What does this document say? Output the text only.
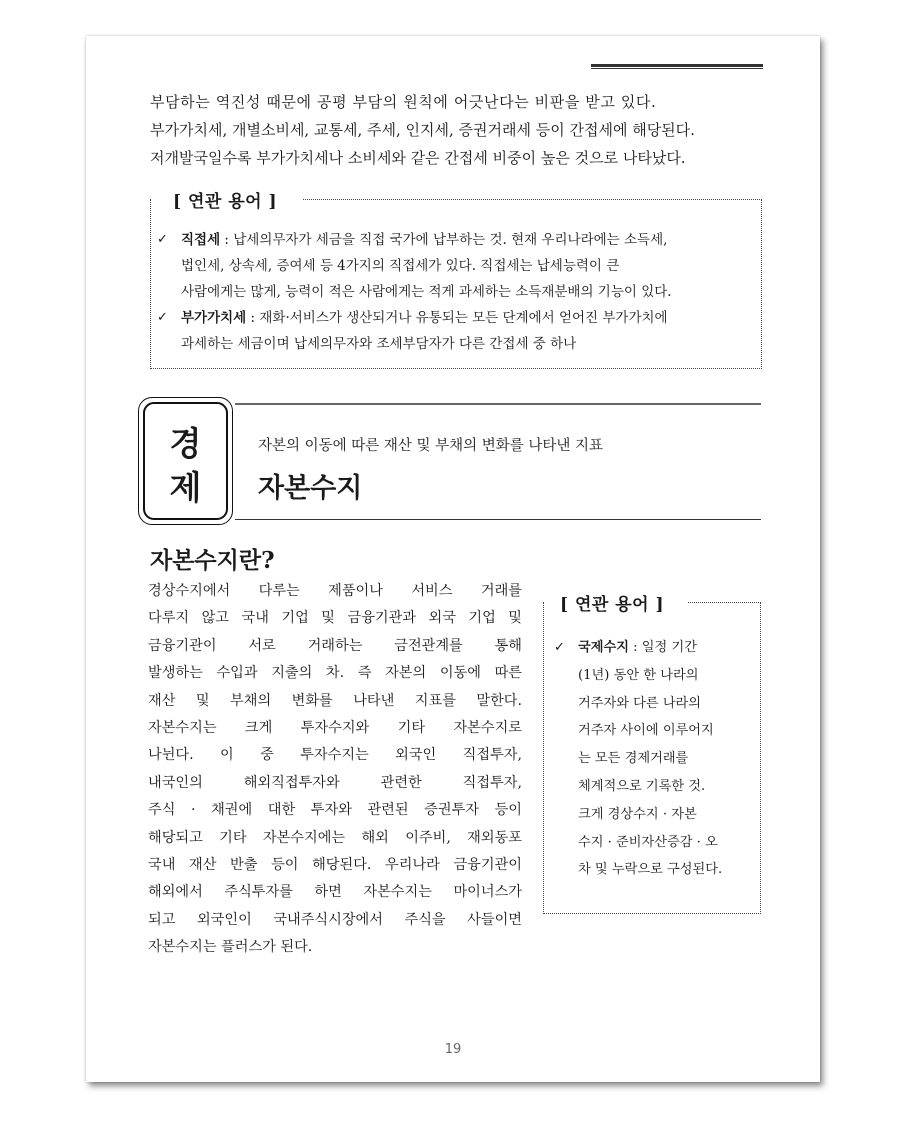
부담하는 역진성 때문에 공평 부담의 원칙에 어긋난다는 비판을 받고 있다.

부가가치세, 개별소비세, 교통세, 주세, 인지세, 증권거래세 등이 간접세에 해당된다.

저개발국일수록 부가가치세나 소비세와 같은 간접세 비중이 높은 것으로 나타났다.

[ 연관 용어 ]
✓ 직접세 : 납세의무자가 세금을 직접 국가에 납부하는 것. 현재 우리나라에는 소득세,
법인세, 상속세, 증여세 등 4가지의 직접세가 있다. 직접세는 납세능력이 큰
사람에게는 많게, 능력이 적은 사람에게는 적게 과세하는 소득재분배의 기능이 있다.
✓ 부가가치세 : 재화·서비스가 생산되거나 유통되는 모든 단계에서 얻어진 부가가치에
과세하는 세금이며 납세의무자와 조세부담자가 다른 간접세 중 하나
경
제
자본의 이동에 따른 재산 및 부채의 변화를 나타낸 지표
자본수지
자본수지란?
경상수지에서 다루는 제품이나 서비스 거래를
다루지 않고 국내 기업 및 금융기관과 외국 기업 및
금융기관이 서로 거래하는 금전관계를 통해
발생하는 수입과 지출의 차. 즉 자본의 이동에 따른
재산 및 부채의 변화를 나타낸 지표를 말한다.
자본수지는 크게 투자수지와 기타 자본수지로
나뉜다. 이 중 투자수지는 외국인 직접투자,
내국인의 해외직접투자와 관련한 직접투자,
주식 · 채권에 대한 투자와 관련된 증권투자 등이
해당되고 기타 자본수지에는 해외 이주비, 재외동포
국내 재산 반출 등이 해당된다. 우리나라 금융기관이
해외에서 주식투자를 하면 자본수지는 마이너스가
되고 외국인이 국내주식시장에서 주식을 사들이면
자본수지는 플러스가 된다.
[ 연관 용어 ]
✓ 국제수지 : 일정 기간
(1년) 동안 한 나라의
거주자와 다른 나라의
거주자 사이에 이루어지
는 모든 경제거래를
체계적으로 기록한 것.
크게 경상수지 · 자본
수지 · 준비자산증감 · 오
차 및 누락으로 구성된다.
19
